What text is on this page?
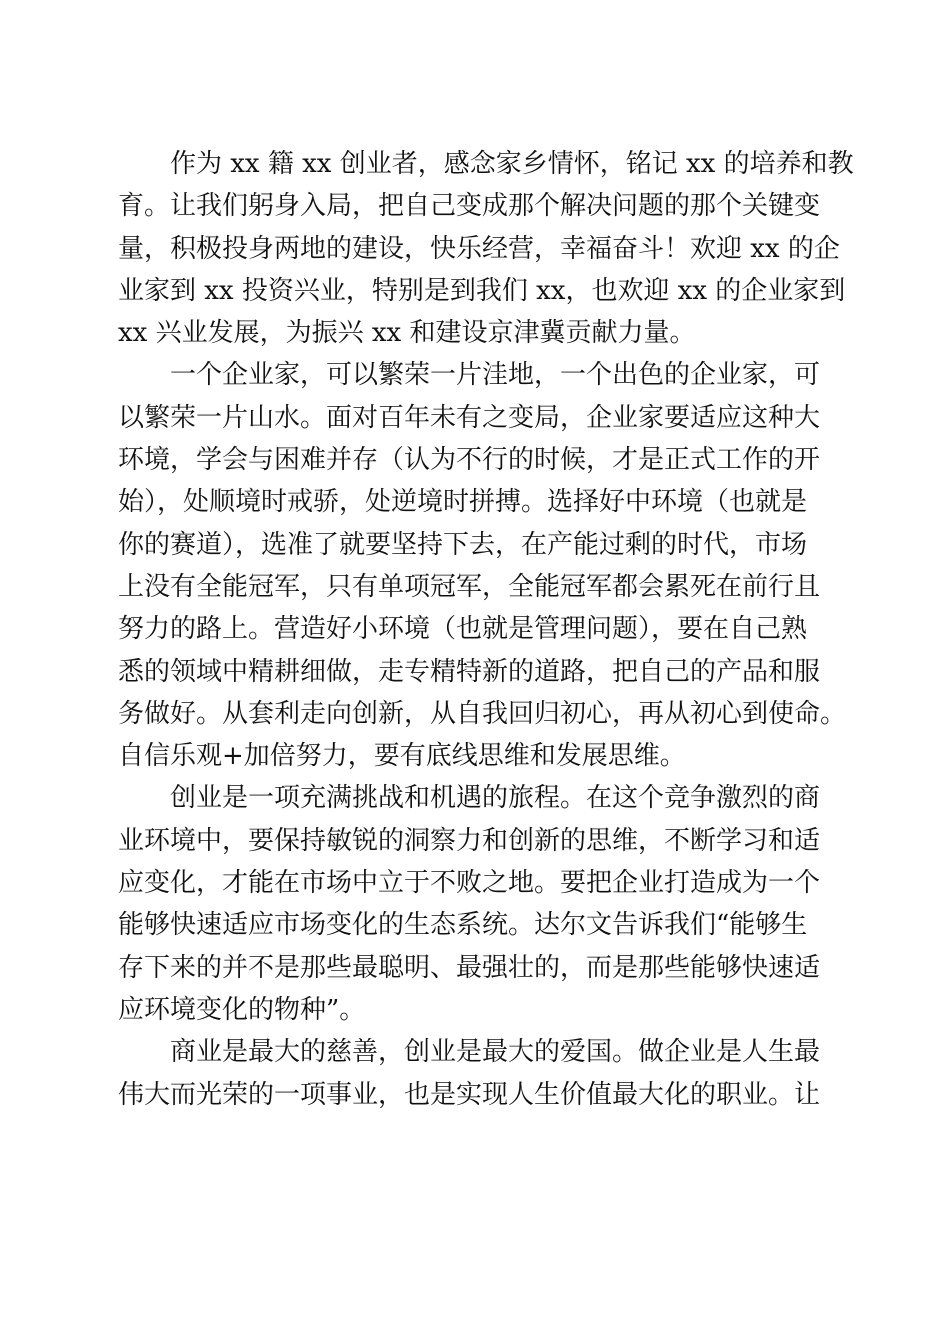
作为 xx 籍 xx 创业者，感念家乡情怀，铭记 xx 的培养和教
育。让我们躬身入局，把自己变成那个解决问题的那个关键变
量，积极投身两地的建设，快乐经营，幸福奋斗！欢迎 xx 的企
业家到 xx 投资兴业，特别是到我们 xx，也欢迎 xx 的企业家到
xx 兴业发展，为振兴 xx 和建设京津冀贡献力量。

一个企业家，可以繁荣一片洼地，一个出色的企业家，可
以繁荣一片山水。面对百年未有之变局，企业家要适应这种大
环境，学会与困难并存（认为不行的时候，才是正式工作的开
始），处顺境时戒骄，处逆境时拼搏。选择好中环境（也就是
你的赛道），选准了就要坚持下去，在产能过剩的时代，市场
上没有全能冠军，只有单项冠军，全能冠军都会累死在前行且
努力的路上。营造好小环境（也就是管理问题），要在自己熟
悉的领域中精耕细做，走专精特新的道路，把自己的产品和服
务做好。从套利走向创新，从自我回归初心，再从初心到使命。
自信乐观+加倍努力，要有底线思维和发展思维。

创业是一项充满挑战和机遇的旅程。在这个竞争激烈的商
业环境中，要保持敏锐的洞察力和创新的思维，不断学习和适
应变化，才能在市场中立于不败之地。要把企业打造成为一个
能够快速适应市场变化的生态系统。达尔文告诉我们“能够生
存下来的并不是那些最聪明、最强壮的，而是那些能够快速适
应环境变化的物种”。

商业是最大的慈善，创业是最大的爱国。做企业是人生最
伟大而光荣的一项事业，也是实现人生价值最大化的职业。让
